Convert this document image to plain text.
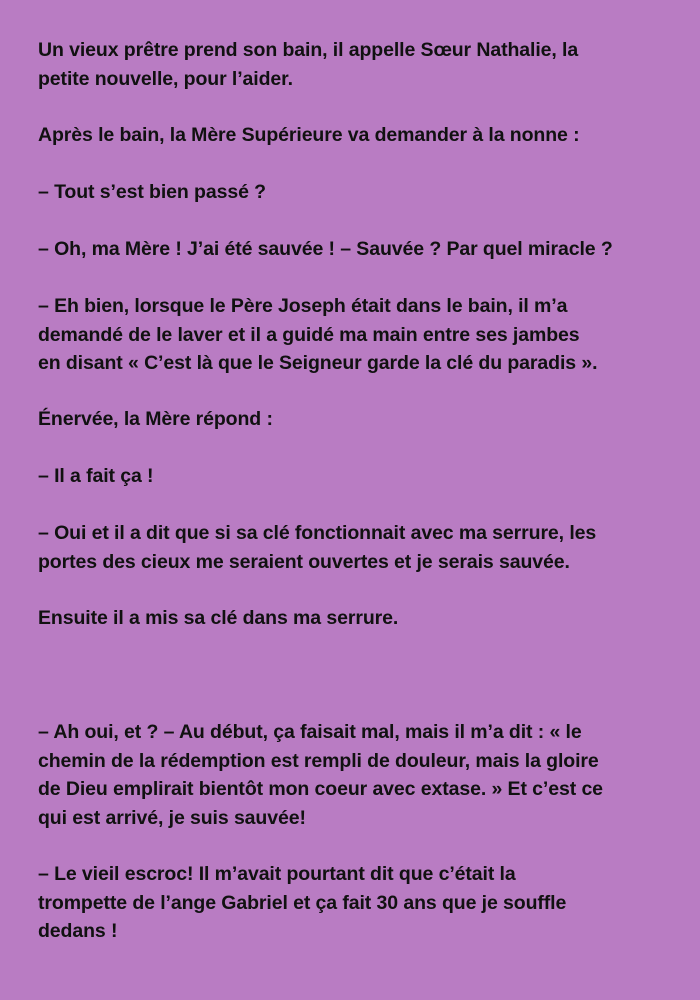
Un vieux prêtre prend son bain, il appelle Sœur Nathalie, la
petite nouvelle, pour l’aider.

Après le bain, la Mère Supérieure va demander à la nonne :

– Tout s’est bien passé ?

– Oh, ma Mère ! J’ai été sauvée ! – Sauvée ? Par quel miracle ?

– Eh bien, lorsque le Père Joseph était dans le bain, il m’a
demandé de le laver et il a guidé ma main entre ses jambes
en disant « C’est là que le Seigneur garde la clé du paradis ».

Énervée, la Mère répond :

– Il a fait ça !

– Oui et il a dit que si sa clé fonctionnait avec ma serrure, les
portes des cieux me seraient ouvertes et je serais sauvée.

Ensuite il a mis sa clé dans ma serrure.

– Ah oui, et ? – Au début, ça faisait mal, mais il m’a dit : « le
chemin de la rédemption est rempli de douleur, mais la gloire
de Dieu emplirait bientôt mon coeur avec extase. » Et c’est ce
qui est arrivé, je suis sauvée!

– Le vieil escroc! Il m’avait pourtant dit que c’était la
trompette de l’ange Gabriel et ça fait 30 ans que je souffle
dedans !
